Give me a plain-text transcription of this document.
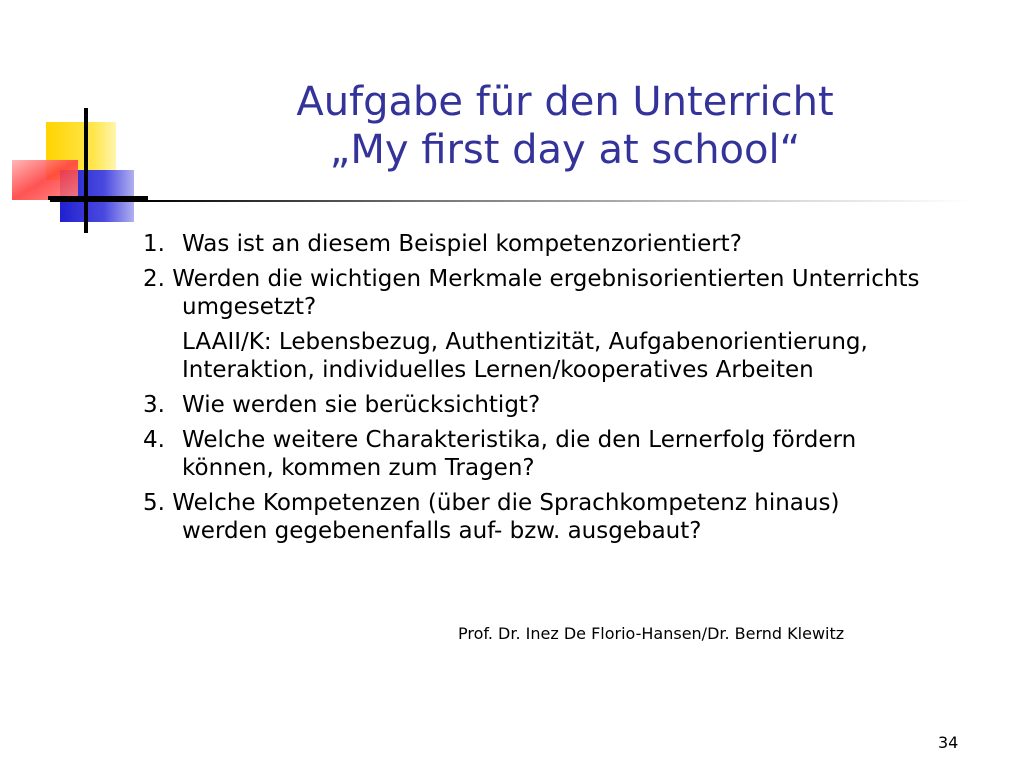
Aufgabe für den Unterricht
„My first day at school“
1. Was ist an diesem Beispiel kompetenzorientiert?
2. Werden die wichtigen Merkmale ergebnisorientierten Unterrichts
umgesetzt?
LAAII/K: Lebensbezug, Authentizität, Aufgabenorientierung,
Interaktion, individuelles Lernen/kooperatives Arbeiten
3. Wie werden sie berücksichtigt?
4. Welche weitere Charakteristika, die den Lernerfolg fördern
können, kommen zum Tragen?
5. Welche Kompetenzen (über die Sprachkompetenz hinaus)
werden gegebenenfalls auf- bzw. ausgebaut?
Prof. Dr. Inez De Florio-Hansen/Dr. Bernd Klewitz
34
